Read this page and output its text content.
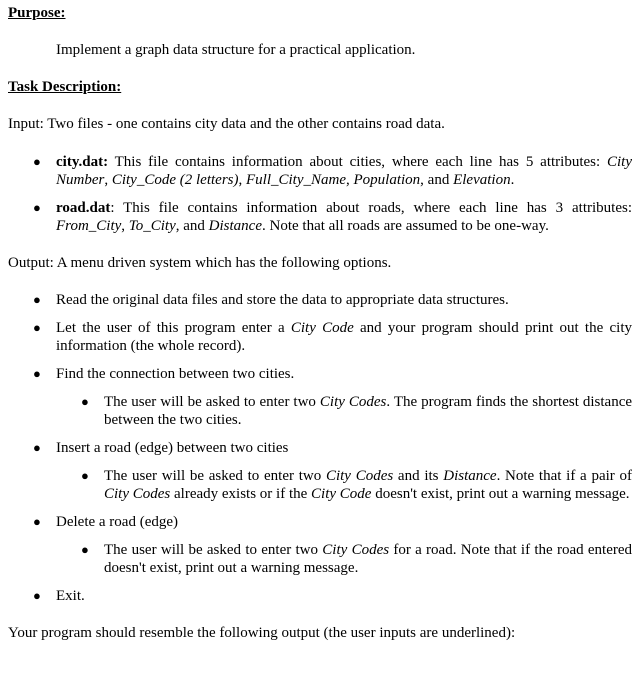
Purpose:

Implement a graph data structure for a practical application.

Task Description:

Input: Two files - one contains city data and the other contains road data.

● city.dat: This file contains information about cities, where each line has 5 attributes: City Number, City_Code (2 letters), Full_City_Name, Population, and Elevation.
● road.dat: This file contains information about roads, where each line has 3 attributes: From_City, To_City, and Distance. Note that all roads are assumed to be one-way.

Output: A menu driven system which has the following options.

● Read the original data files and store the data to appropriate data structures.
● Let the user of this program enter a City Code and your program should print out the city information (the whole record).
● Find the connection between two cities.
● The user will be asked to enter two City Codes. The program finds the shortest distance between the two cities.
● Insert a road (edge) between two cities
● The user will be asked to enter two City Codes and its Distance. Note that if a pair of City Codes already exists or if the City Code doesn't exist, print out a warning message.
● Delete a road (edge)
● The user will be asked to enter two City Codes for a road. Note that if the road entered doesn't exist, print out a warning message.
● Exit.

Your program should resemble the following output (the user inputs are underlined):
